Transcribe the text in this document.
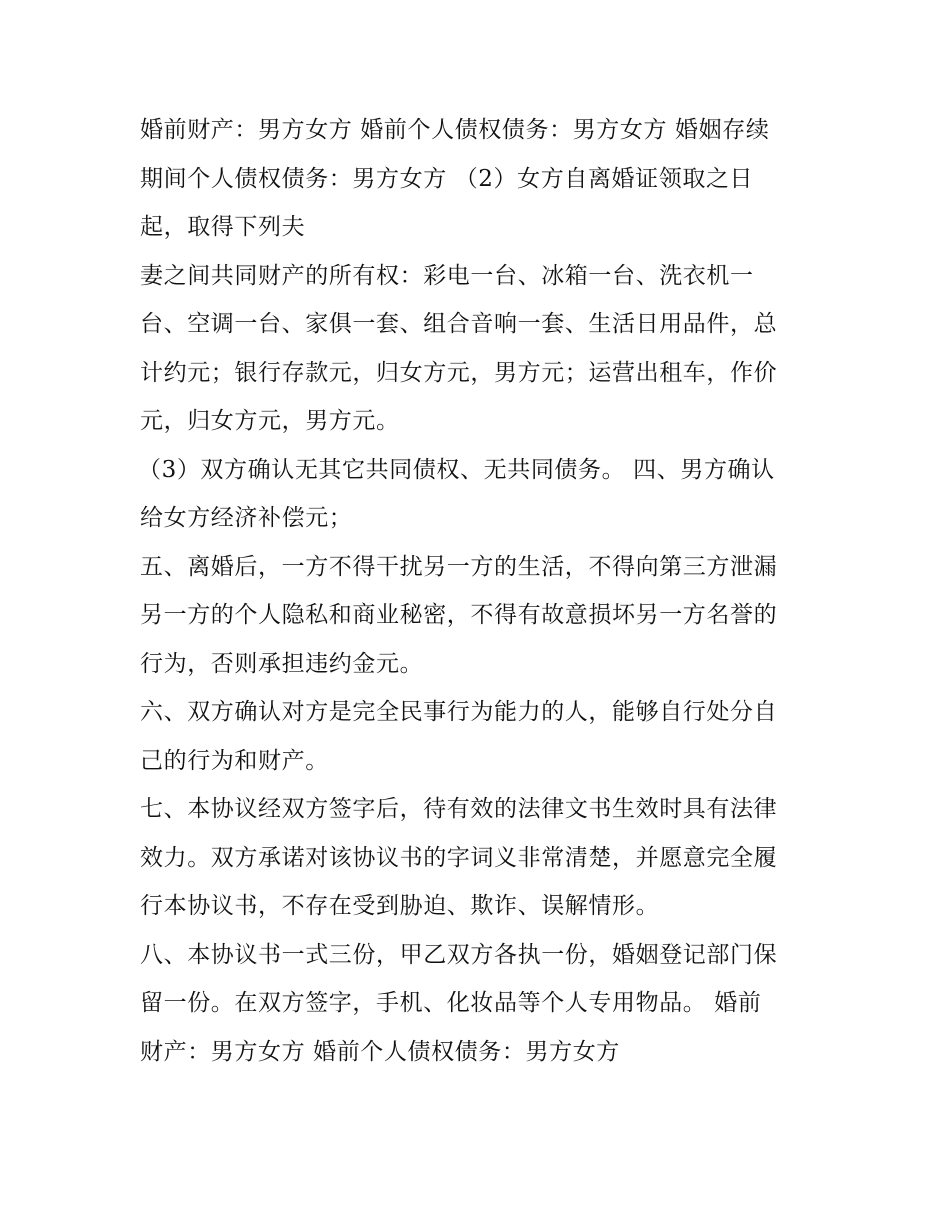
婚前财产：男方女方 婚前个人债权债务：男方女方 婚姻存续
期间个人债权债务：男方女方 （2）女方自离婚证领取之日
起，取得下列夫
妻之间共同财产的所有权：彩电一台、冰箱一台、洗衣机一
台、空调一台、家俱一套、组合音响一套、生活日用品件，总
计约元；银行存款元，归女方元，男方元；运营出租车，作价
元，归女方元，男方元。
（3）双方确认无其它共同债权、无共同债务。 四、男方确认
给女方经济补偿元；
五、离婚后，一方不得干扰另一方的生活，不得向第三方泄漏
另一方的个人隐私和商业秘密，不得有故意损坏另一方名誉的
行为，否则承担违约金元。
六、双方确认对方是完全民事行为能力的人，能够自行处分自
己的行为和财产。
七、本协议经双方签字后，待有效的法律文书生效时具有法律
效力。双方承诺对该协议书的字词义非常清楚，并愿意完全履
行本协议书，不存在受到胁迫、欺诈、误解情形。
八、本协议书一式三份，甲乙双方各执一份，婚姻登记部门保
留一份。在双方签字，手机、化妆品等个人专用物品。 婚前
财产：男方女方 婚前个人债权债务：男方女方
